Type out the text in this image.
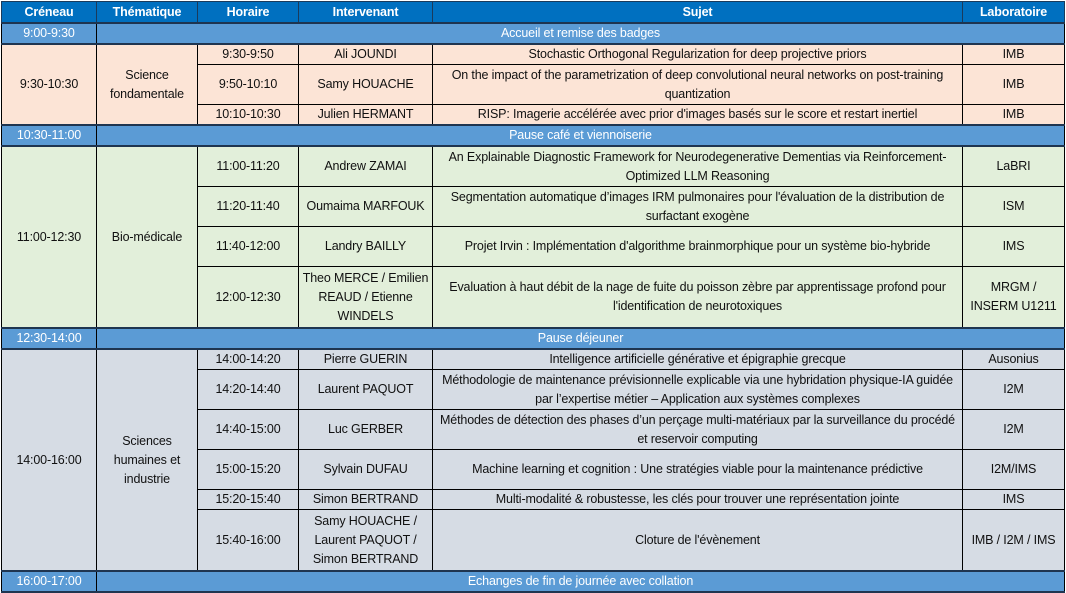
Créneau	Thématique	Horaire	Intervenant	Sujet	Laboratoire
9:00-9:30	Accueil et remise des badges				
9:30-10:30	Science fondamentale	9:30-9:50	Ali JOUNDI	Stochastic Orthogonal Regularization for deep projective priors	IMB
		9:50-10:10	Samy HOUACHE	On the impact of the parametrization of deep convolutional neural networks on post-training quantization	IMB
		10:10-10:30	Julien HERMANT	RISP: Imagerie accélérée avec prior d'images basés sur le score et restart inertiel	IMB
10:30-11:00	Pause café et viennoiserie				
11:00-12:30	Bio-médicale	11:00-11:20	Andrew ZAMAI	An Explainable Diagnostic Framework for Neurodegenerative Dementias via Reinforcement-Optimized LLM Reasoning	LaBRI
		11:20-11:40	Oumaima MARFOUK	Segmentation automatique d’images IRM pulmonaires pour l'évaluation de la distribution de surfactant exogène	ISM
		11:40-12:00	Landry BAILLY	Projet Irvin : Implémentation d'algorithme brainmorphique pour un système bio-hybride	IMS
		12:00-12:30	Theo MERCE / Emilien REAUD / Etienne WINDELS	Evaluation à haut débit de la nage de fuite du poisson zèbre par apprentissage profond pour l'identification de neurotoxiques	MRGM / INSERM U1211
12:30-14:00	Pause déjeuner				
14:00-16:00	Sciences humaines et industrie	14:00-14:20	Pierre GUERIN	Intelligence artificielle générative et épigraphie grecque	Ausonius
		14:20-14:40	Laurent PAQUOT	Méthodologie de maintenance prévisionnelle explicable via une hybridation physique-IA guidée par l’expertise métier – Application aux systèmes complexes	I2M
		14:40-15:00	Luc GERBER	Méthodes de détection des phases d’un perçage multi-matériaux par la surveillance du procédé et reservoir computing	I2M
		15:00-15:20	Sylvain DUFAU	Machine learning et cognition : Une stratégies viable pour la maintenance prédictive	I2M/IMS
		15:20-15:40	Simon BERTRAND	Multi-modalité & robustesse, les clés pour trouver une représentation jointe	IMS
		15:40-16:00	Samy HOUACHE / Laurent PAQUOT / Simon BERTRAND	Cloture de l'évènement	IMB / I2M / IMS
16:00-17:00	Echanges de fin de journée avec collation				
